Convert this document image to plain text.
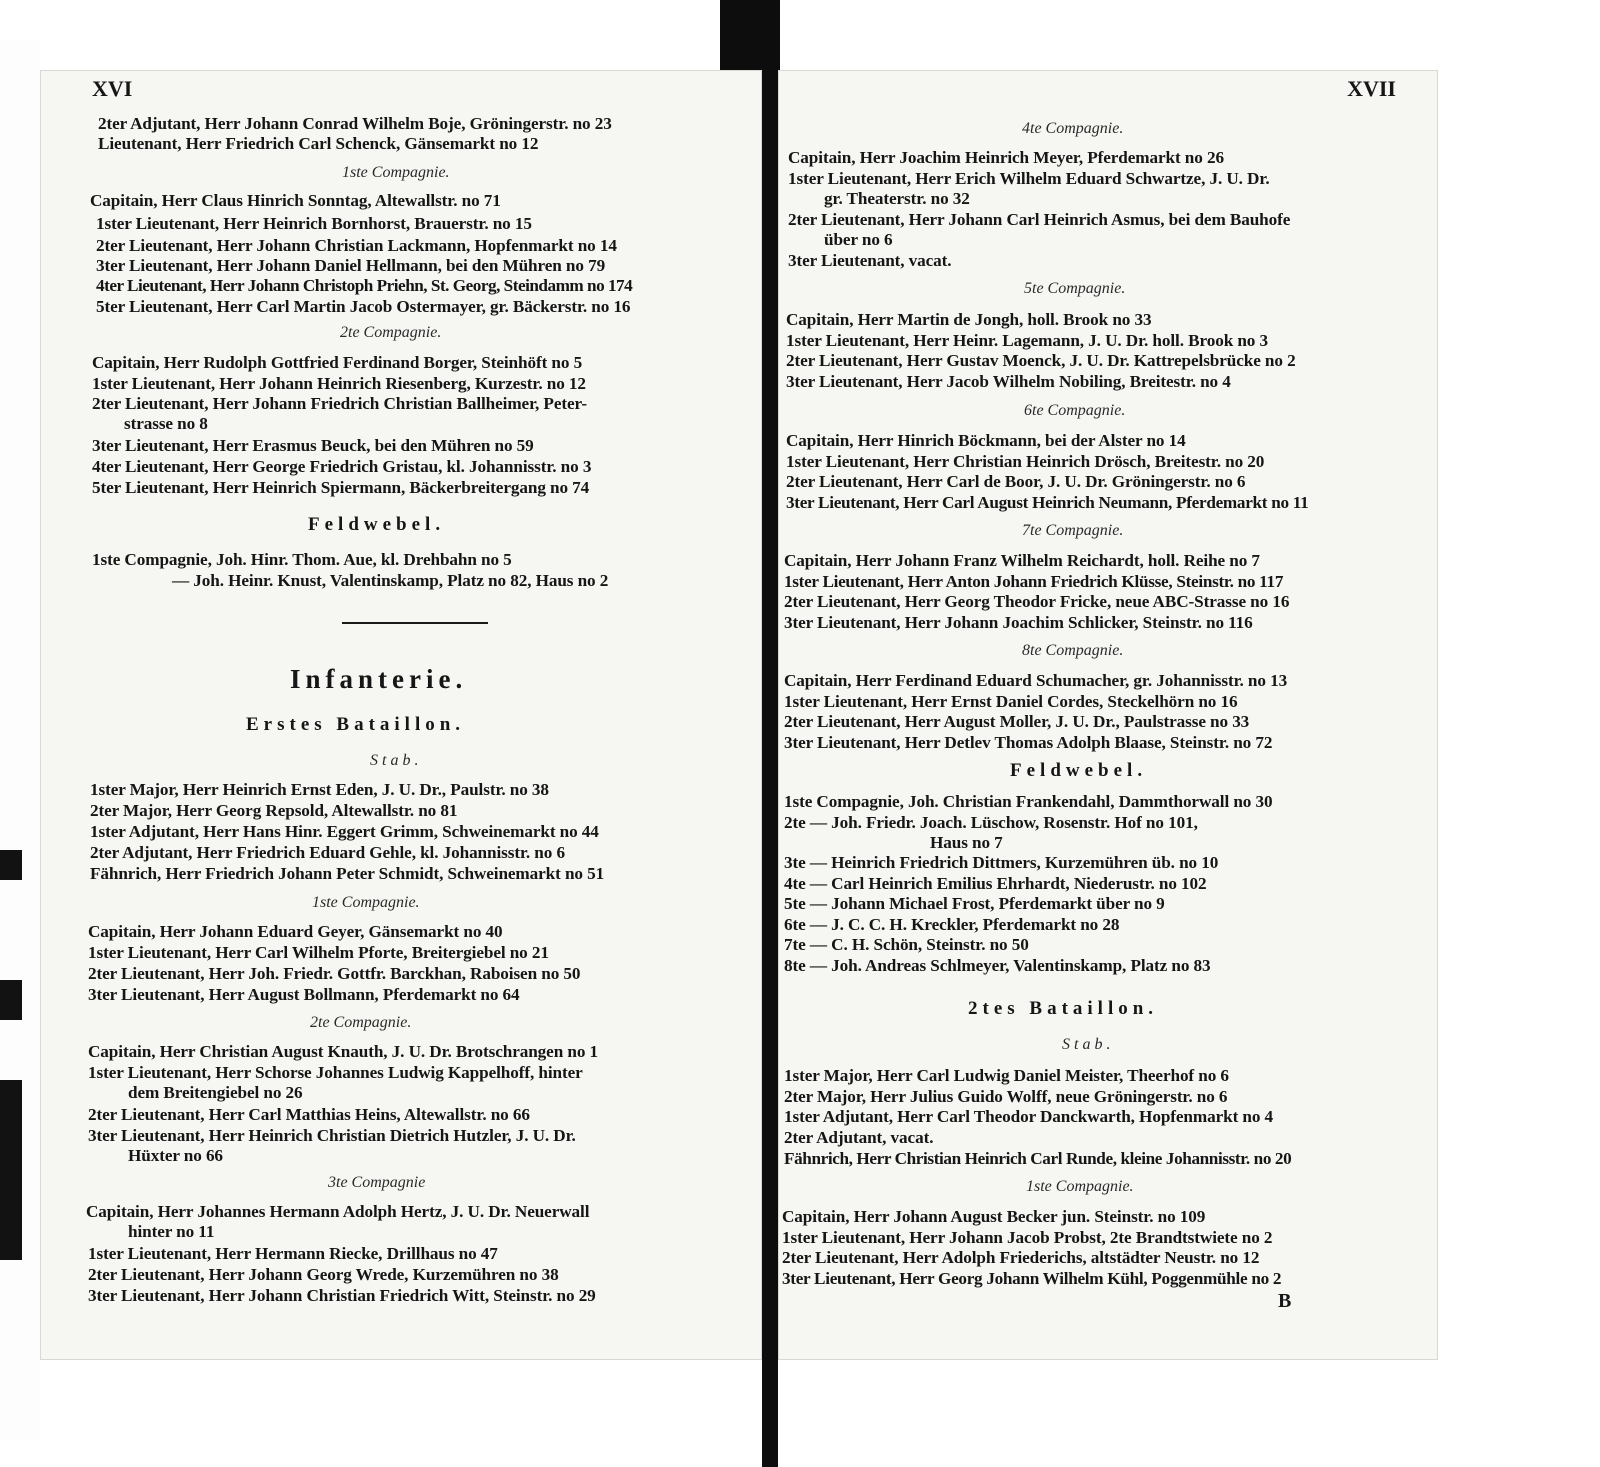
XVI
2ter Adjutant, Herr Johann Conrad Wilhelm Boje, Gröningerstr. no 23
Lieutenant, Herr Friedrich Carl Schenck, Gänsemarkt no 12
1ste Compagnie.
Capitain, Herr Claus Hinrich Sonntag, Altewallstr. no 71
1ster Lieutenant, Herr Heinrich Bornhorst, Brauerstr. no 15
2ter Lieutenant, Herr Johann Christian Lackmann, Hopfenmarkt no 14
3ter Lieutenant, Herr Johann Daniel Hellmann, bei den Mühren no 79
4ter Lieutenant, Herr Johann Christoph Priehn, St. Georg, Steindamm no 174
5ter Lieutenant, Herr Carl Martin Jacob Ostermayer, gr. Bäckerstr. no 16
2te Compagnie.
Capitain, Herr Rudolph Gottfried Ferdinand Borger, Steinhöft no 5
1ster Lieutenant, Herr Johann Heinrich Riesenberg, Kurzestr. no 12
2ter Lieutenant, Herr Johann Friedrich Christian Ballheimer, Peter-
strasse no 8
3ter Lieutenant, Herr Erasmus Beuck, bei den Mühren no 59
4ter Lieutenant, Herr George Friedrich Gristau, kl. Johannisstr. no 3
5ter Lieutenant, Herr Heinrich Spiermann, Bäckerbreitergang no 74
Feldwebel.
1ste Compagnie, Joh. Hinr. Thom. Aue, kl. Drehbahn no 5
— Joh. Heinr. Knust, Valentinskamp, Platz no 82, Haus no 2
Infanterie.
Erstes Bataillon.
Stab.
1ster Major, Herr Heinrich Ernst Eden, J. U. Dr., Paulstr. no 38
2ter Major, Herr Georg Repsold, Altewallstr. no 81
1ster Adjutant, Herr Hans Hinr. Eggert Grimm, Schweinemarkt no 44
2ter Adjutant, Herr Friedrich Eduard Gehle, kl. Johannisstr. no 6
Fähnrich, Herr Friedrich Johann Peter Schmidt, Schweinemarkt no 51
1ste Compagnie.
Capitain, Herr Johann Eduard Geyer, Gänsemarkt no 40
1ster Lieutenant, Herr Carl Wilhelm Pforte, Breitergiebel no 21
2ter Lieutenant, Herr Joh. Friedr. Gottfr. Barckhan, Raboisen no 50
3ter Lieutenant, Herr August Bollmann, Pferdemarkt no 64
2te Compagnie.
Capitain, Herr Christian August Knauth, J. U. Dr. Brotschrangen no 1
1ster Lieutenant, Herr Schorse Johannes Ludwig Kappelhoff, hinter
dem Breitengiebel no 26
2ter Lieutenant, Herr Carl Matthias Heins, Altewallstr. no 66
3ter Lieutenant, Herr Heinrich Christian Dietrich Hutzler, J. U. Dr.
Hüxter no 66
3te Compagnie
Capitain, Herr Johannes Hermann Adolph Hertz, J. U. Dr. Neuerwall
hinter no 11
1ster Lieutenant, Herr Hermann Riecke, Drillhaus no 47
2ter Lieutenant, Herr Johann Georg Wrede, Kurzemühren no 38
3ter Lieutenant, Herr Johann Christian Friedrich Witt, Steinstr. no 29
XVII
4te Compagnie.
Capitain, Herr Joachim Heinrich Meyer, Pferdemarkt no 26
1ster Lieutenant, Herr Erich Wilhelm Eduard Schwartze, J. U. Dr.
gr. Theaterstr. no 32
2ter Lieutenant, Herr Johann Carl Heinrich Asmus, bei dem Bauhofe
über no 6
3ter Lieutenant, vacat.
5te Compagnie.
Capitain, Herr Martin de Jongh, holl. Brook no 33
1ster Lieutenant, Herr Heinr. Lagemann, J. U. Dr. holl. Brook no 3
2ter Lieutenant, Herr Gustav Moenck, J. U. Dr. Kattrepelsbrücke no 2
3ter Lieutenant, Herr Jacob Wilhelm Nobiling, Breitestr. no 4
6te Compagnie.
Capitain, Herr Hinrich Böckmann, bei der Alster no 14
1ster Lieutenant, Herr Christian Heinrich Drösch, Breitestr. no 20
2ter Lieutenant, Herr Carl de Boor, J. U. Dr. Gröningerstr. no 6
3ter Lieutenant, Herr Carl August Heinrich Neumann, Pferdemarkt no 11
7te Compagnie.
Capitain, Herr Johann Franz Wilhelm Reichardt, holl. Reihe no 7
1ster Lieutenant, Herr Anton Johann Friedrich Klüsse, Steinstr. no 117
2ter Lieutenant, Herr Georg Theodor Fricke, neue ABC-Strasse no 16
3ter Lieutenant, Herr Johann Joachim Schlicker, Steinstr. no 116
8te Compagnie.
Capitain, Herr Ferdinand Eduard Schumacher, gr. Johannisstr. no 13
1ster Lieutenant, Herr Ernst Daniel Cordes, Steckelhörn no 16
2ter Lieutenant, Herr August Moller, J. U. Dr., Paulstrasse no 33
3ter Lieutenant, Herr Detlev Thomas Adolph Blaase, Steinstr. no 72
Feldwebel.
1ste Compagnie, Joh. Christian Frankendahl, Dammthorwall no 30
2te — Joh. Friedr. Joach. Lüschow, Rosenstr. Hof no 101,
Haus no 7
3te — Heinrich Friedrich Dittmers, Kurzemühren üb. no 10
4te — Carl Heinrich Emilius Ehrhardt, Niederustr. no 102
5te — Johann Michael Frost, Pferdemarkt über no 9
6te — J. C. C. H. Kreckler, Pferdemarkt no 28
7te — C. H. Schön, Steinstr. no 50
8te — Joh. Andreas Schlmeyer, Valentinskamp, Platz no 83
2tes Bataillon.
Stab.
1ster Major, Herr Carl Ludwig Daniel Meister, Theerhof no 6
2ter Major, Herr Julius Guido Wolff, neue Gröningerstr. no 6
1ster Adjutant, Herr Carl Theodor Danckwarth, Hopfenmarkt no 4
2ter Adjutant, vacat.
Fähnrich, Herr Christian Heinrich Carl Runde, kleine Johannisstr. no 20
1ste Compagnie.
Capitain, Herr Johann August Becker jun. Steinstr. no 109
1ster Lieutenant, Herr Johann Jacob Probst, 2te Brandtstwiete no 2
2ter Lieutenant, Herr Adolph Friederichs, altstädter Neustr. no 12
3ter Lieutenant, Herr Georg Johann Wilhelm Kühl, Poggenmühle no 2
B
